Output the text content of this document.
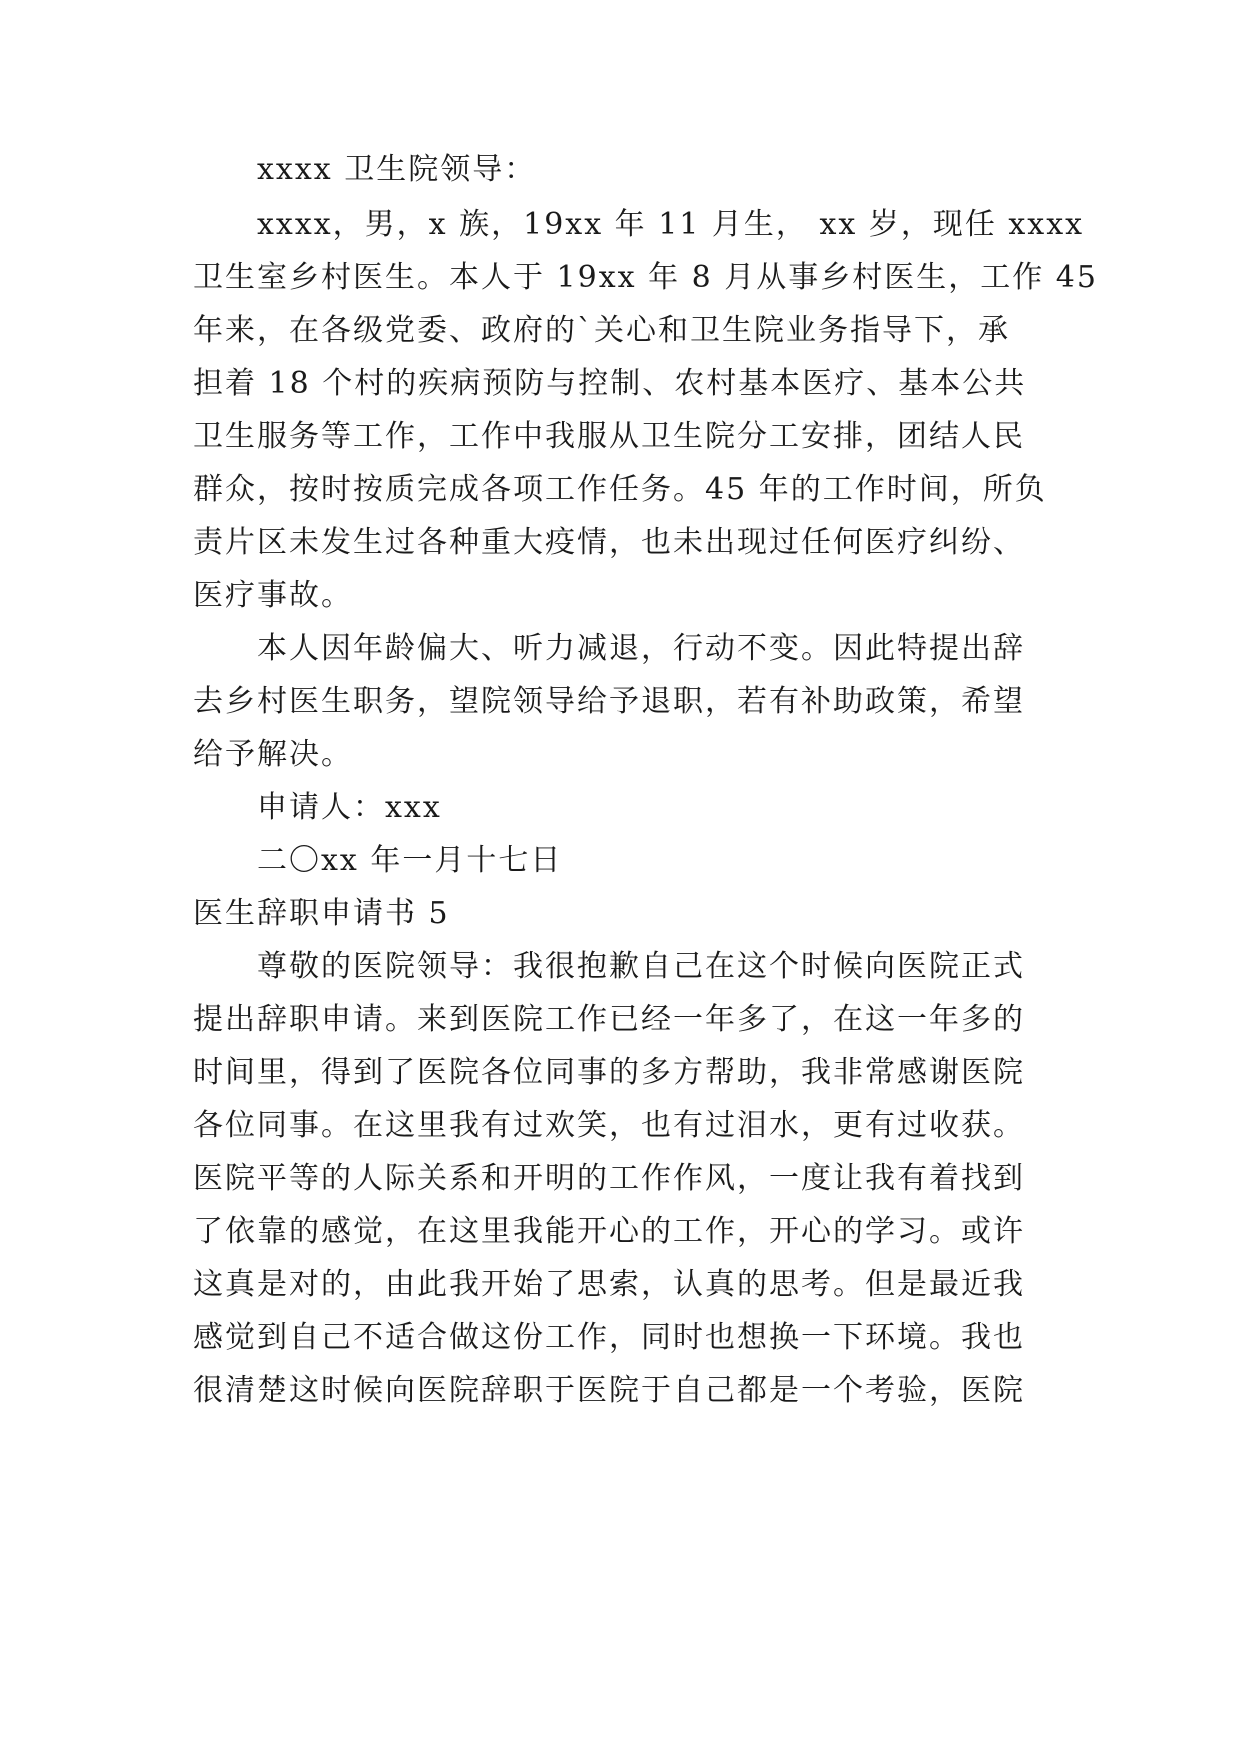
xxxx 卫生院领导：
xxxx，男，x 族，19xx 年 11 月生， xx 岁，现任 xxxx
卫生室乡村医生。本人于 19xx 年 8 月从事乡村医生，工作 45
年来，在各级党委、政府的`关心和卫生院业务指导下，承
担着 18 个村的疾病预防与控制、农村基本医疗、基本公共
卫生服务等工作，工作中我服从卫生院分工安排，团结人民
群众，按时按质完成各项工作任务。45 年的工作时间，所负
责片区未发生过各种重大疫情，也未出现过任何医疗纠纷、
医疗事故。
本人因年龄偏大、听力减退，行动不变。因此特提出辞
去乡村医生职务，望院领导给予退职，若有补助政策，希望
给予解决。
申请人：xxx
二〇xx 年一月十七日
医生辞职申请书 5
尊敬的医院领导：我很抱歉自己在这个时候向医院正式
提出辞职申请。来到医院工作已经一年多了，在这一年多的
时间里，得到了医院各位同事的多方帮助，我非常感谢医院
各位同事。在这里我有过欢笑，也有过泪水，更有过收获。
医院平等的人际关系和开明的工作作风，一度让我有着找到
了依靠的感觉，在这里我能开心的工作，开心的学习。或许
这真是对的，由此我开始了思索，认真的思考。但是最近我
感觉到自己不适合做这份工作，同时也想换一下环境。我也
很清楚这时候向医院辞职于医院于自己都是一个考验，医院
